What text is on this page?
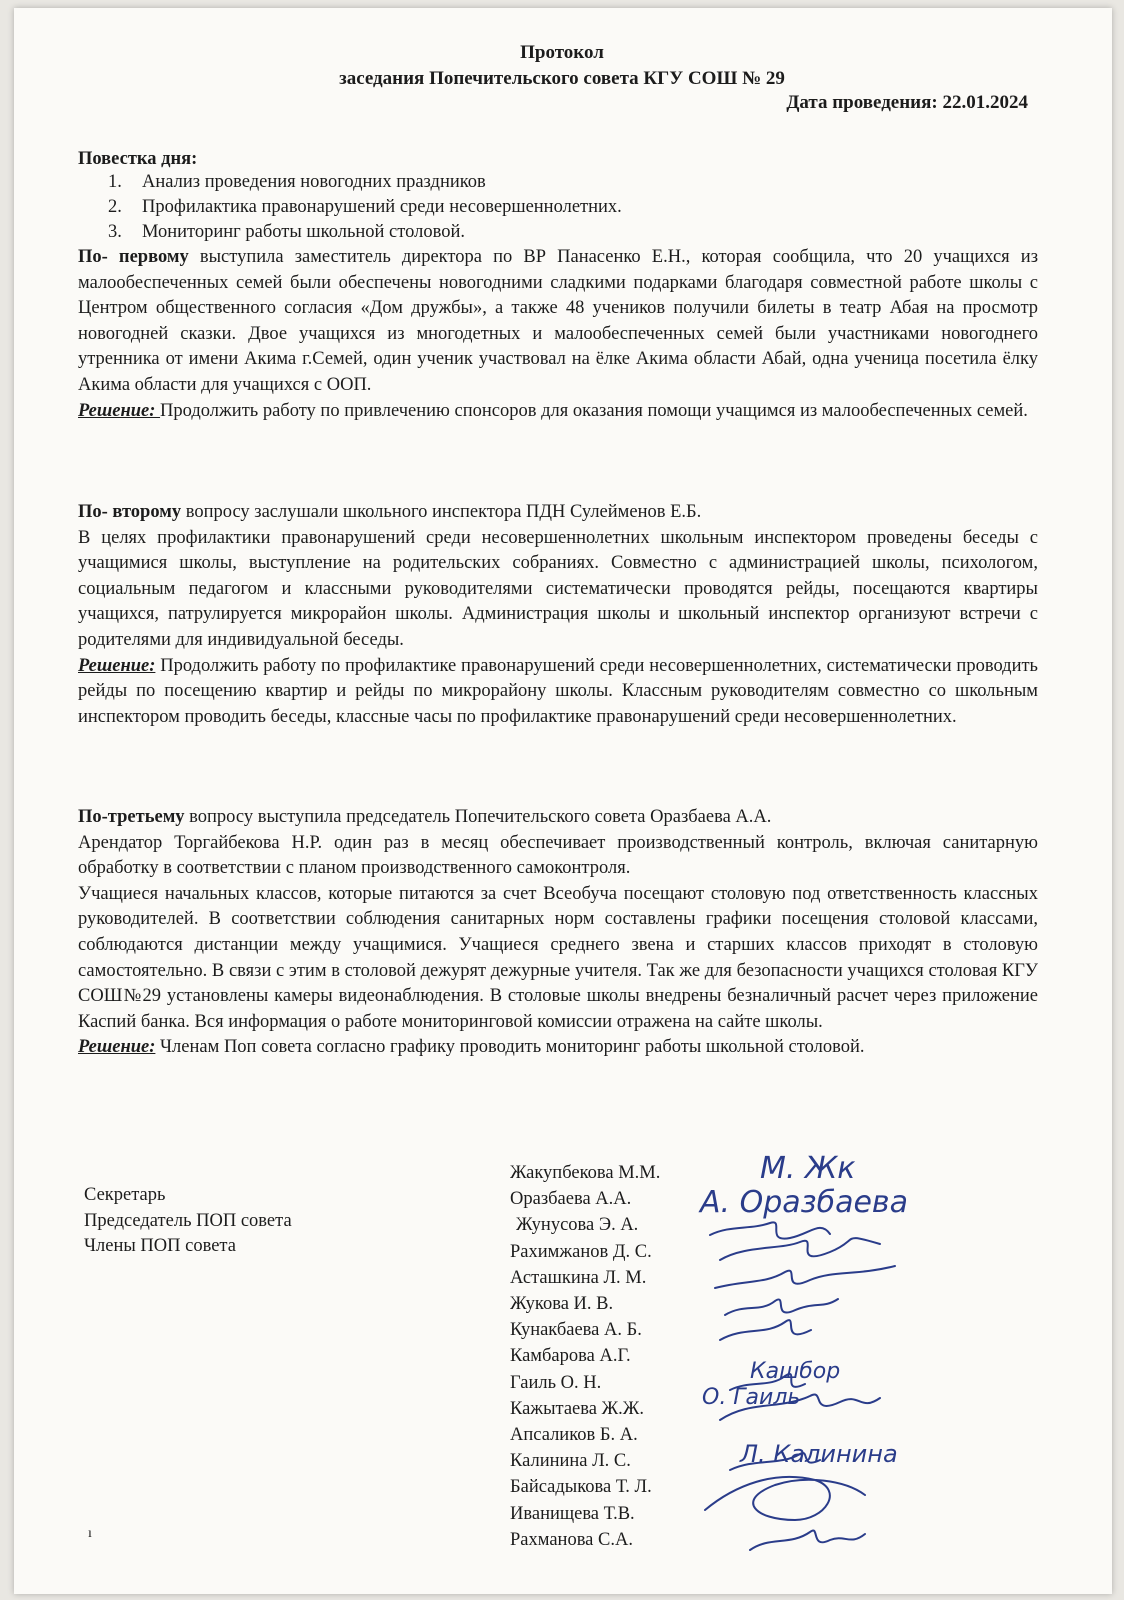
Протокол
заседания Попечительского совета КГУ СОШ № 29
Дата проведения: 22.01.2024
Повестка дня:
1. Анализ проведения новогодних праздников
2. Профилактика правонарушений среди несовершеннолетних.
3. Мониторинг работы школьной столовой.
По- первому выступила заместитель директора по ВР Панасенко Е.Н., которая сообщила, что 20 учащихся из малообеспеченных семей были обеспечены новогодними сладкими подарками благодаря совместной работе школы с Центром общественного согласия «Дом дружбы», а также 48 учеников получили билеты в театр Абая на просмотр новогодней сказки. Двое учащихся из многодетных и малообеспеченных семей были участниками новогоднего утренника от имени Акима г.Семей, один ученик участвовал на ёлке Акима области Абай, одна ученица посетила ёлку Акима области для учащихся с ООП.
Решение: Продолжить работу по привлечению спонсоров для оказания помощи учащимся из малообеспеченных семей.
По- второму вопросу заслушали школьного инспектора ПДН Сулейменов Е.Б.
В целях профилактики правонарушений среди несовершеннолетних школьным инспектором проведены беседы с учащимися школы, выступление на родительских собраниях. Совместно с администрацией школы, психологом, социальным педагогом и классными руководителями систематически проводятся рейды, посещаются квартиры учащихся, патрулируется микрорайон школы. Администрация школы и школьный инспектор организуют встречи с родителями для индивидуальной беседы.
Решение: Продолжить работу по профилактике правонарушений среди несовершеннолетних, систематически проводить рейды по посещению квартир и рейды по микрорайону школы. Классным руководителям совместно со школьным инспектором проводить беседы, классные часы по профилактике правонарушений среди несовершеннолетних.
По-третьему вопросу выступила председатель Попечительского совета Оразбаева А.А.
Арендатор Торгайбекова Н.Р. один раз в месяц обеспечивает производственный контроль, включая санитарную обработку в соответствии с планом производственного самоконтроля.
Учащиеся начальных классов, которые питаются за счет Всеобуча посещают столовую под ответственность классных руководителей. В соответствии соблюдения санитарных норм составлены графики посещения столовой классами, соблюдаются дистанции между учащимися. Учащиеся среднего звена и старших классов приходят в столовую самостоятельно. В связи с этим в столовой дежурят дежурные учителя. Так же для безопасности учащихся столовая КГУ СОШ№29 установлены камеры видеонаблюдения. В столовые школы внедрены безналичный расчет через приложение Каспий банка. Вся информация о работе мониторинговой комиссии отражена на сайте школы.
Решение: Членам Поп совета согласно графику проводить мониторинг работы школьной столовой.
Секретарь
Председатель ПОП совета
Члены ПОП совета
Жакупбекова М.М.
Оразбаева А.А.
Жунусова Э. А.
Рахимжанов Д. С.
Асташкина Л. М.
Жукова И. В.
Кунакбаева А. Б.
Камбарова А.Г.
Гаиль О. Н.
Кажытаева Ж.Ж.
Апсаликов Б. А.
Калинина Л. С.
Байсадыкова Т. Л.
Иванищева Т.В.
Рахманова С.А.
М. Жк
А. Оразбаева
Кашбор
О. Гаиль
Л. Калинина
ı
